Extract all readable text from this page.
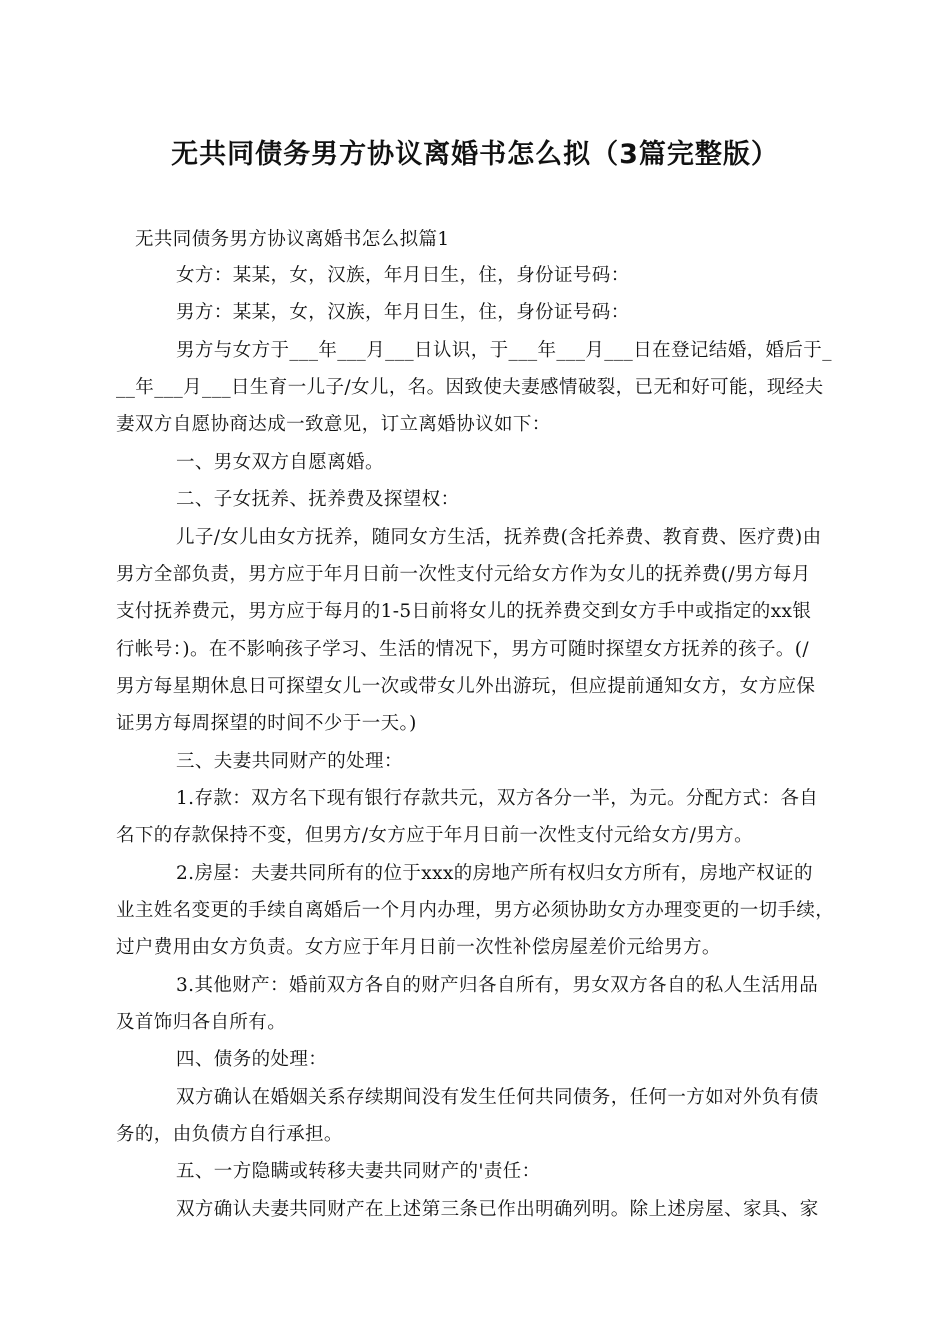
无共同债务男方协议离婚书怎么拟（3篇完整版）
无共同债务男方协议离婚书怎么拟篇1
女方：某某，女，汉族，年月日生，住，身份证号码：
男方：某某，女，汉族，年月日生，住，身份证号码：
男方与女方于___年___月___日认识，于___年___月___日在登记结婚，婚后于_
__年___月___日生育一儿子/女儿，名。因致使夫妻感情破裂，已无和好可能，现经夫
妻双方自愿协商达成一致意见，订立离婚协议如下：
一、男女双方自愿离婚。
二、子女抚养、抚养费及探望权：
儿子/女儿由女方抚养，随同女方生活，抚养费(含托养费、教育费、医疗费)由
男方全部负责，男方应于年月日前一次性支付元给女方作为女儿的抚养费(/男方每月
支付抚养费元，男方应于每月的1-5日前将女儿的抚养费交到女方手中或指定的xx银
行帐号：)。在不影响孩子学习、生活的情况下，男方可随时探望女方抚养的孩子。(/
男方每星期休息日可探望女儿一次或带女儿外出游玩，但应提前通知女方，女方应保
证男方每周探望的时间不少于一天。)
三、夫妻共同财产的处理：
1.存款：双方名下现有银行存款共元，双方各分一半，为元。分配方式：各自
名下的存款保持不变，但男方/女方应于年月日前一次性支付元给女方/男方。
2.房屋：夫妻共同所有的位于xxx的房地产所有权归女方所有，房地产权证的
业主姓名变更的手续自离婚后一个月内办理，男方必须协助女方办理变更的一切手续，
过户费用由女方负责。女方应于年月日前一次性补偿房屋差价元给男方。
3.其他财产：婚前双方各自的财产归各自所有，男女双方各自的私人生活用品
及首饰归各自所有。
四、债务的处理：
双方确认在婚姻关系存续期间没有发生任何共同债务，任何一方如对外负有债
务的，由负债方自行承担。
五、一方隐瞒或转移夫妻共同财产的'责任：
双方确认夫妻共同财产在上述第三条已作出明确列明。除上述房屋、家具、家
